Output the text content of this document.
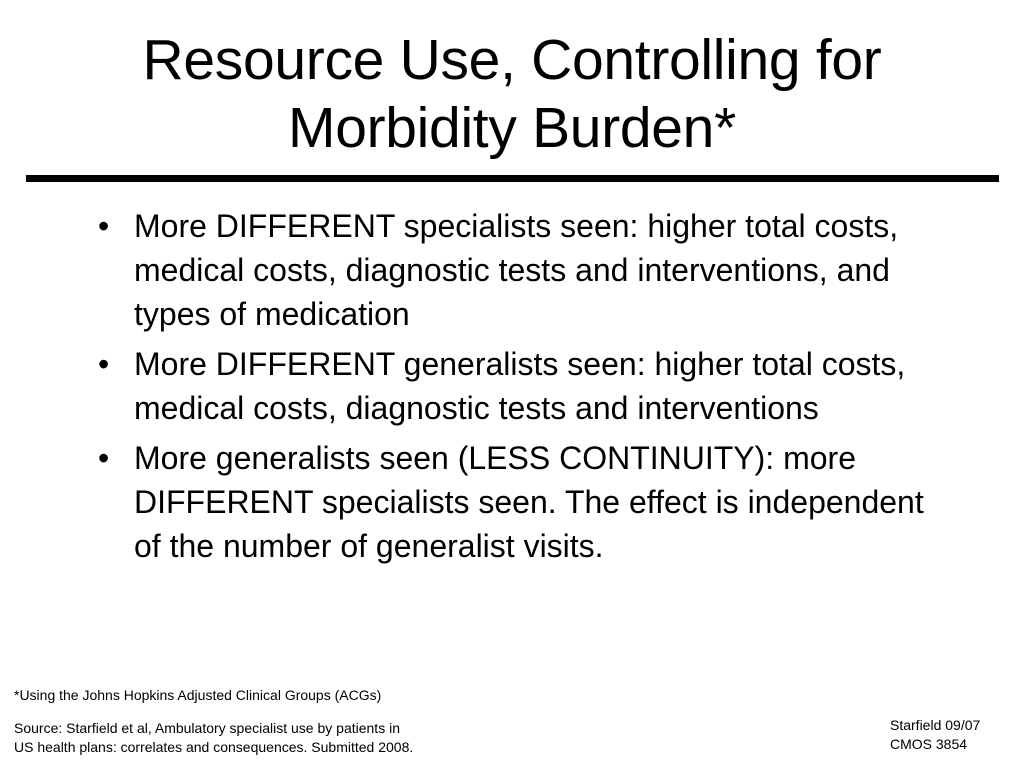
Resource Use, Controlling for
Morbidity Burden*
• More DIFFERENT specialists seen: higher total costs, medical costs, diagnostic tests and interventions, and types of medication
• More DIFFERENT generalists seen: higher total costs, medical costs, diagnostic tests and interventions
• More generalists seen (LESS CONTINUITY): more DIFFERENT specialists seen. The effect is independent of the number of generalist visits.

*Using the Johns Hopkins Adjusted Clinical Groups (ACGs)

Source: Starfield et al, Ambulatory specialist use by patients in
US health plans: correlates and consequences. Submitted 2008.

Starfield 09/07
CMOS 3854
